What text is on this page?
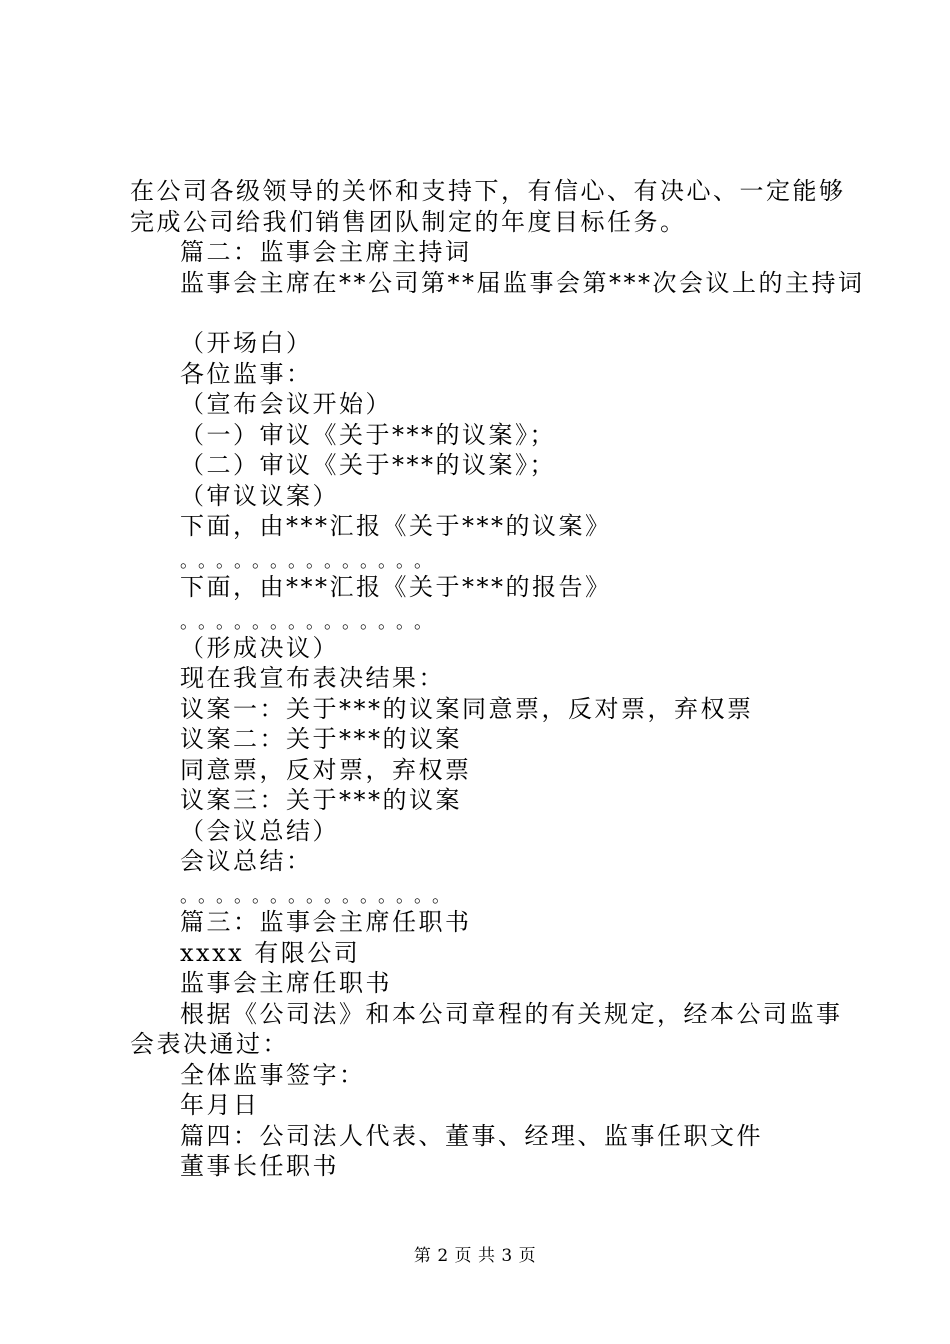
在公司各级领导的关怀和支持下，有信心、有决心、一定能够
完成公司给我们销售团队制定的年度目标任务。
篇二：监事会主席主持词
监事会主席在**公司第**届监事会第***次会议上的主持词
（开场白）
各位监事：
（宣布会议开始）
（一）审议《关于***的议案》；
（二）审议《关于***的议案》；
（审议议案）
下面，由***汇报《关于***的议案》
。。。。。。。。。。。。。。
下面，由***汇报《关于***的报告》
。。。。。。。。。。。。。。
（形成决议）
现在我宣布表决结果：
议案一：关于***的议案同意票，反对票，弃权票
议案二：关于***的议案
同意票，反对票，弃权票
议案三：关于***的议案
（会议总结）
会议总结：
。。。。。。。。。。。。。。。
篇三：监事会主席任职书
xxxx 有限公司
监事会主席任职书
根据《公司法》和本公司章程的有关规定，经本公司监事
会表决通过：
全体监事签字：
年月日
篇四：公司法人代表、董事、经理、监事任职文件
董事长任职书
第 2 页 共 3 页
